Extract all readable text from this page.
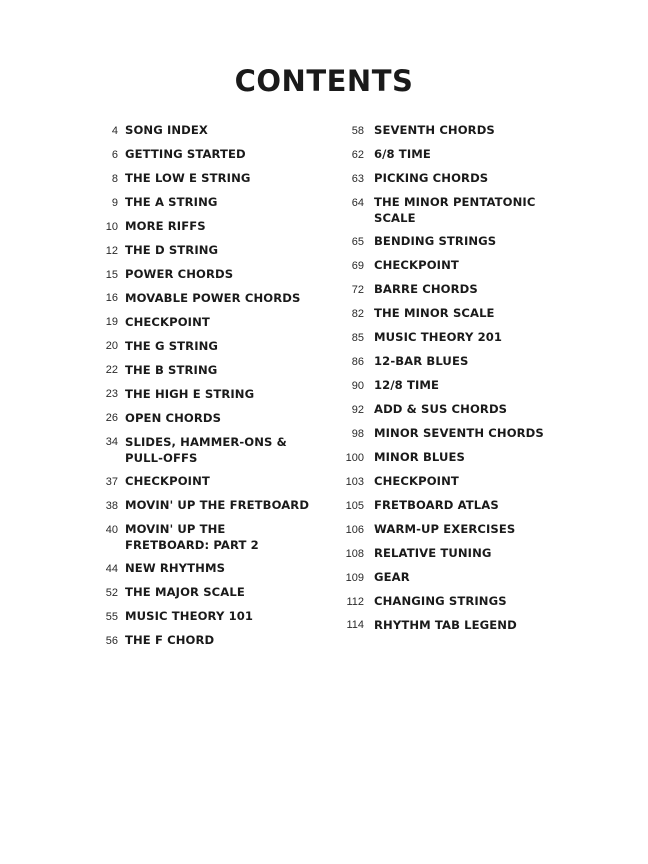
CONTENTS
4 SONG INDEX
6 GETTING STARTED
8 THE LOW E STRING
9 THE A STRING
10 MORE RIFFS
12 THE D STRING
15 POWER CHORDS
16 MOVABLE POWER CHORDS
19 CHECKPOINT
20 THE G STRING
22 THE B STRING
23 THE HIGH E STRING
26 OPEN CHORDS
34 SLIDES, HAMMER-ONS &
PULL-OFFS
37 CHECKPOINT
38 MOVIN' UP THE FRETBOARD
40 MOVIN' UP THE
FRETBOARD: PART 2
44 NEW RHYTHMS
52 THE MAJOR SCALE
55 MUSIC THEORY 101
56 THE F CHORD
58 SEVENTH CHORDS
62 6/8 TIME
63 PICKING CHORDS
64 THE MINOR PENTATONIC
SCALE
65 BENDING STRINGS
69 CHECKPOINT
72 BARRE CHORDS
82 THE MINOR SCALE
85 MUSIC THEORY 201
86 12-BAR BLUES
90 12/8 TIME
92 ADD & SUS CHORDS
98 MINOR SEVENTH CHORDS
100 MINOR BLUES
103 CHECKPOINT
105 FRETBOARD ATLAS
106 WARM-UP EXERCISES
108 RELATIVE TUNING
109 GEAR
112 CHANGING STRINGS
114 RHYTHM TAB LEGEND
